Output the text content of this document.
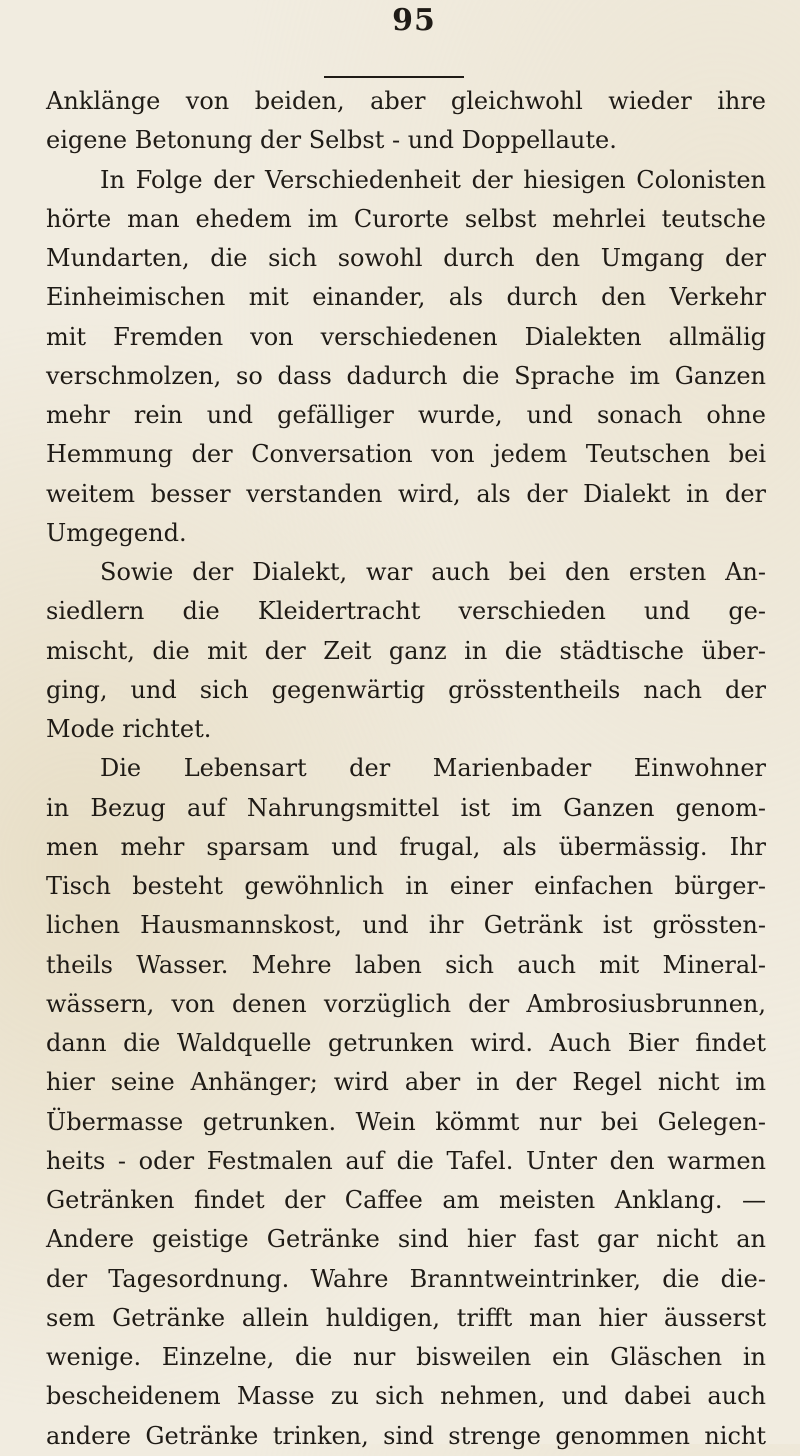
95
Anklänge von beiden, aber gleichwohl wieder ihre
eigene Betonung der Selbst - und Doppellaute.
In Folge der Verschiedenheit der hiesigen Colonisten
hörte man ehedem im Curorte selbst mehrlei teutsche
Mundarten, die sich sowohl durch den Umgang der
Einheimischen mit einander, als durch den Verkehr
mit Fremden von verschiedenen Dialekten allmälig
verschmolzen, so dass dadurch die Sprache im Ganzen
mehr rein und gefälliger wurde, und sonach ohne
Hemmung der Conversation von jedem Teutschen bei
weitem besser verstanden wird, als der Dialekt in der
Umgegend.
Sowie der Dialekt, war auch bei den ersten An-
siedlern die Kleidertracht verschieden und ge-
mischt, die mit der Zeit ganz in die städtische über-
ging, und sich gegenwärtig grösstentheils nach der
Mode richtet.
Die Lebensart der Marienbader Einwohner
in Bezug auf Nahrungsmittel ist im Ganzen genom-
men mehr sparsam und frugal, als übermässig. Ihr
Tisch besteht gewöhnlich in einer einfachen bürger-
lichen Hausmannskost, und ihr Getränk ist grössten-
theils Wasser. Mehre laben sich auch mit Mineral-
wässern, von denen vorzüglich der Ambrosiusbrunnen,
dann die Waldquelle getrunken wird. Auch Bier findet
hier seine Anhänger; wird aber in der Regel nicht im
Übermasse getrunken. Wein kömmt nur bei Gelegen-
heits - oder Festmalen auf die Tafel. Unter den warmen
Getränken findet der Caffee am meisten Anklang. —
Andere geistige Getränke sind hier fast gar nicht an
der Tagesordnung. Wahre Branntweintrinker, die die-
sem Getränke allein huldigen, trifft man hier äusserst
wenige. Einzelne, die nur bisweilen ein Gläschen in
bescheidenem Masse zu sich nehmen, und dabei auch
andere Getränke trinken, sind strenge genommen nicht
